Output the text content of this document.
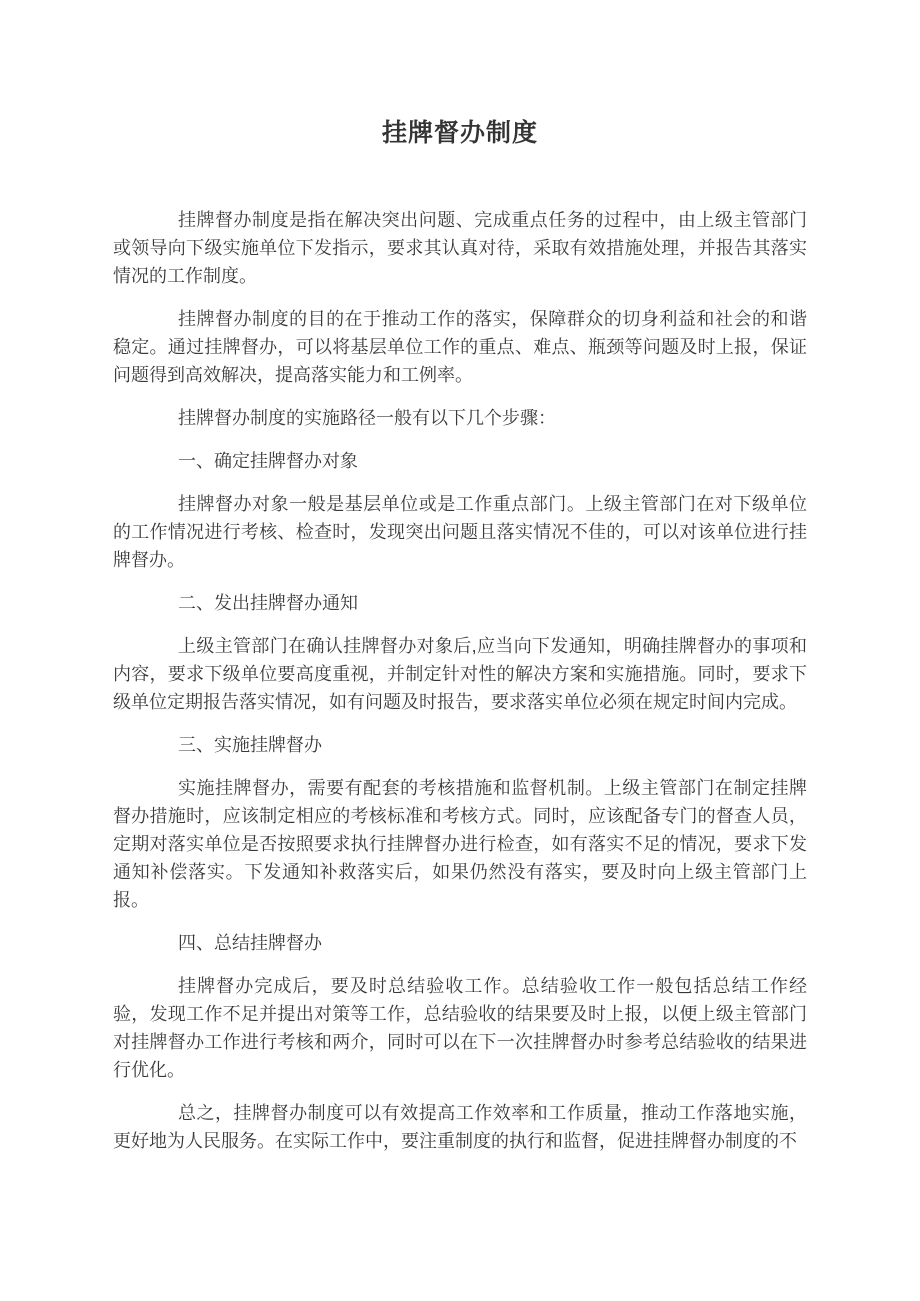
挂牌督办制度

挂牌督办制度是指在解决突出问题、完成重点任务的过程中，由上级主管部门或领导向下级实施单位下发指示，要求其认真对待，采取有效措施处理，并报告其落实情况的工作制度。

挂牌督办制度的目的在于推动工作的落实，保障群众的切身利益和社会的和谐稳定。通过挂牌督办，可以将基层单位工作的重点、难点、瓶颈等问题及时上报，保证问题得到高效解决，提高落实能力和工例率。

挂牌督办制度的实施路径一般有以下几个步骤：

一、确定挂牌督办对象

挂牌督办对象一般是基层单位或是工作重点部门。上级主管部门在对下级单位的工作情况进行考核、检查时，发现突出问题且落实情况不佳的，可以对该单位进行挂牌督办。

二、发出挂牌督办通知

上级主管部门在确认挂牌督办对象后,应当向下发通知，明确挂牌督办的事项和内容，要求下级单位要高度重视，并制定针对性的解决方案和实施措施。同时，要求下级单位定期报告落实情况，如有问题及时报告，要求落实单位必须在规定时间内完成。

三、实施挂牌督办

实施挂牌督办，需要有配套的考核措施和监督机制。上级主管部门在制定挂牌督办措施时，应该制定相应的考核标准和考核方式。同时，应该配备专门的督查人员，定期对落实单位是否按照要求执行挂牌督办进行检查，如有落实不足的情况，要求下发通知补偿落实。下发通知补救落实后，如果仍然没有落实，要及时向上级主管部门上报。

四、总结挂牌督办

挂牌督办完成后，要及时总结验收工作。总结验收工作一般包括总结工作经验，发现工作不足并提出对策等工作，总结验收的结果要及时上报，以便上级主管部门对挂牌督办工作进行考核和两介，同时可以在下一次挂牌督办时参考总结验收的结果进行优化。

总之，挂牌督办制度可以有效提高工作效率和工作质量，推动工作落地实施，更好地为人民服务。在实际工作中，要注重制度的执行和监督，促进挂牌督办制度的不
